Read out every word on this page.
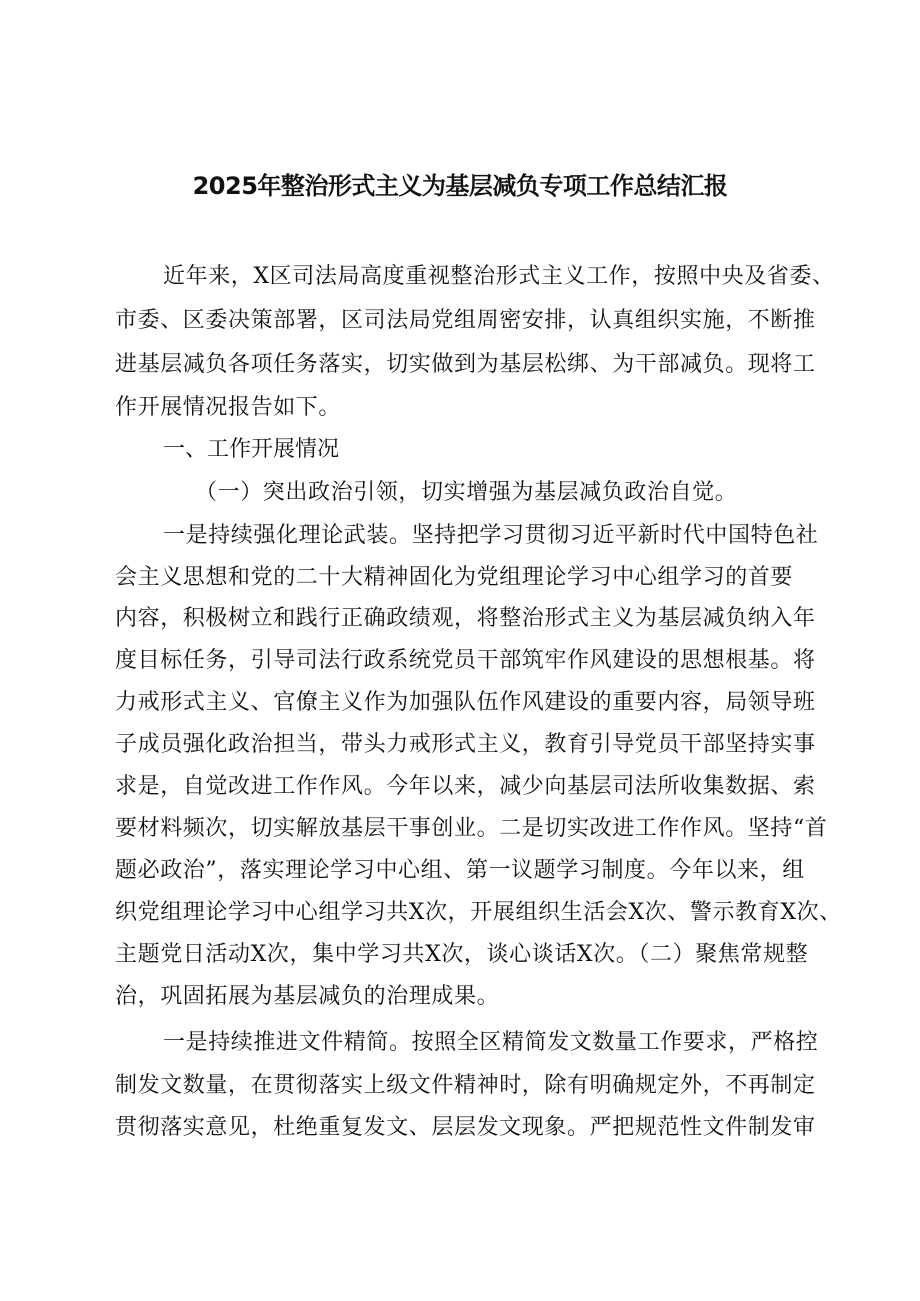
2025年整治形式主义为基层减负专项工作总结汇报
近年来，X区司法局高度重视整治形式主义工作，按照中央及省委、
市委、区委决策部署，区司法局党组周密安排，认真组织实施，不断推
进基层减负各项任务落实，切实做到为基层松绑、为干部减负。现将工
作开展情况报告如下。
一、工作开展情况
（一）突出政治引领，切实增强为基层减负政治自觉。
一是持续强化理论武装。坚持把学习贯彻习近平新时代中国特色社
会主义思想和党的二十大精神固化为党组理论学习中心组学习的首要
内容，积极树立和践行正确政绩观，将整治形式主义为基层减负纳入年
度目标任务，引导司法行政系统党员干部筑牢作风建设的思想根基。将
力戒形式主义、官僚主义作为加强队伍作风建设的重要内容，局领导班
子成员强化政治担当，带头力戒形式主义，教育引导党员干部坚持实事
求是，自觉改进工作作风。今年以来，减少向基层司法所收集数据、索
要材料频次，切实解放基层干事创业。二是切实改进工作作风。坚持“首
题必政治”，落实理论学习中心组、第一议题学习制度。今年以来，组
织党组理论学习中心组学习共X次，开展组织生活会X次、警示教育X次、
主题党日活动X次，集中学习共X次，谈心谈话X次。（二）聚焦常规整
治，巩固拓展为基层减负的治理成果。
一是持续推进文件精简。按照全区精简发文数量工作要求，严格控
制发文数量，在贯彻落实上级文件精神时，除有明确规定外，不再制定
贯彻落实意见，杜绝重复发文、层层发文现象。严把规范性文件制发审
